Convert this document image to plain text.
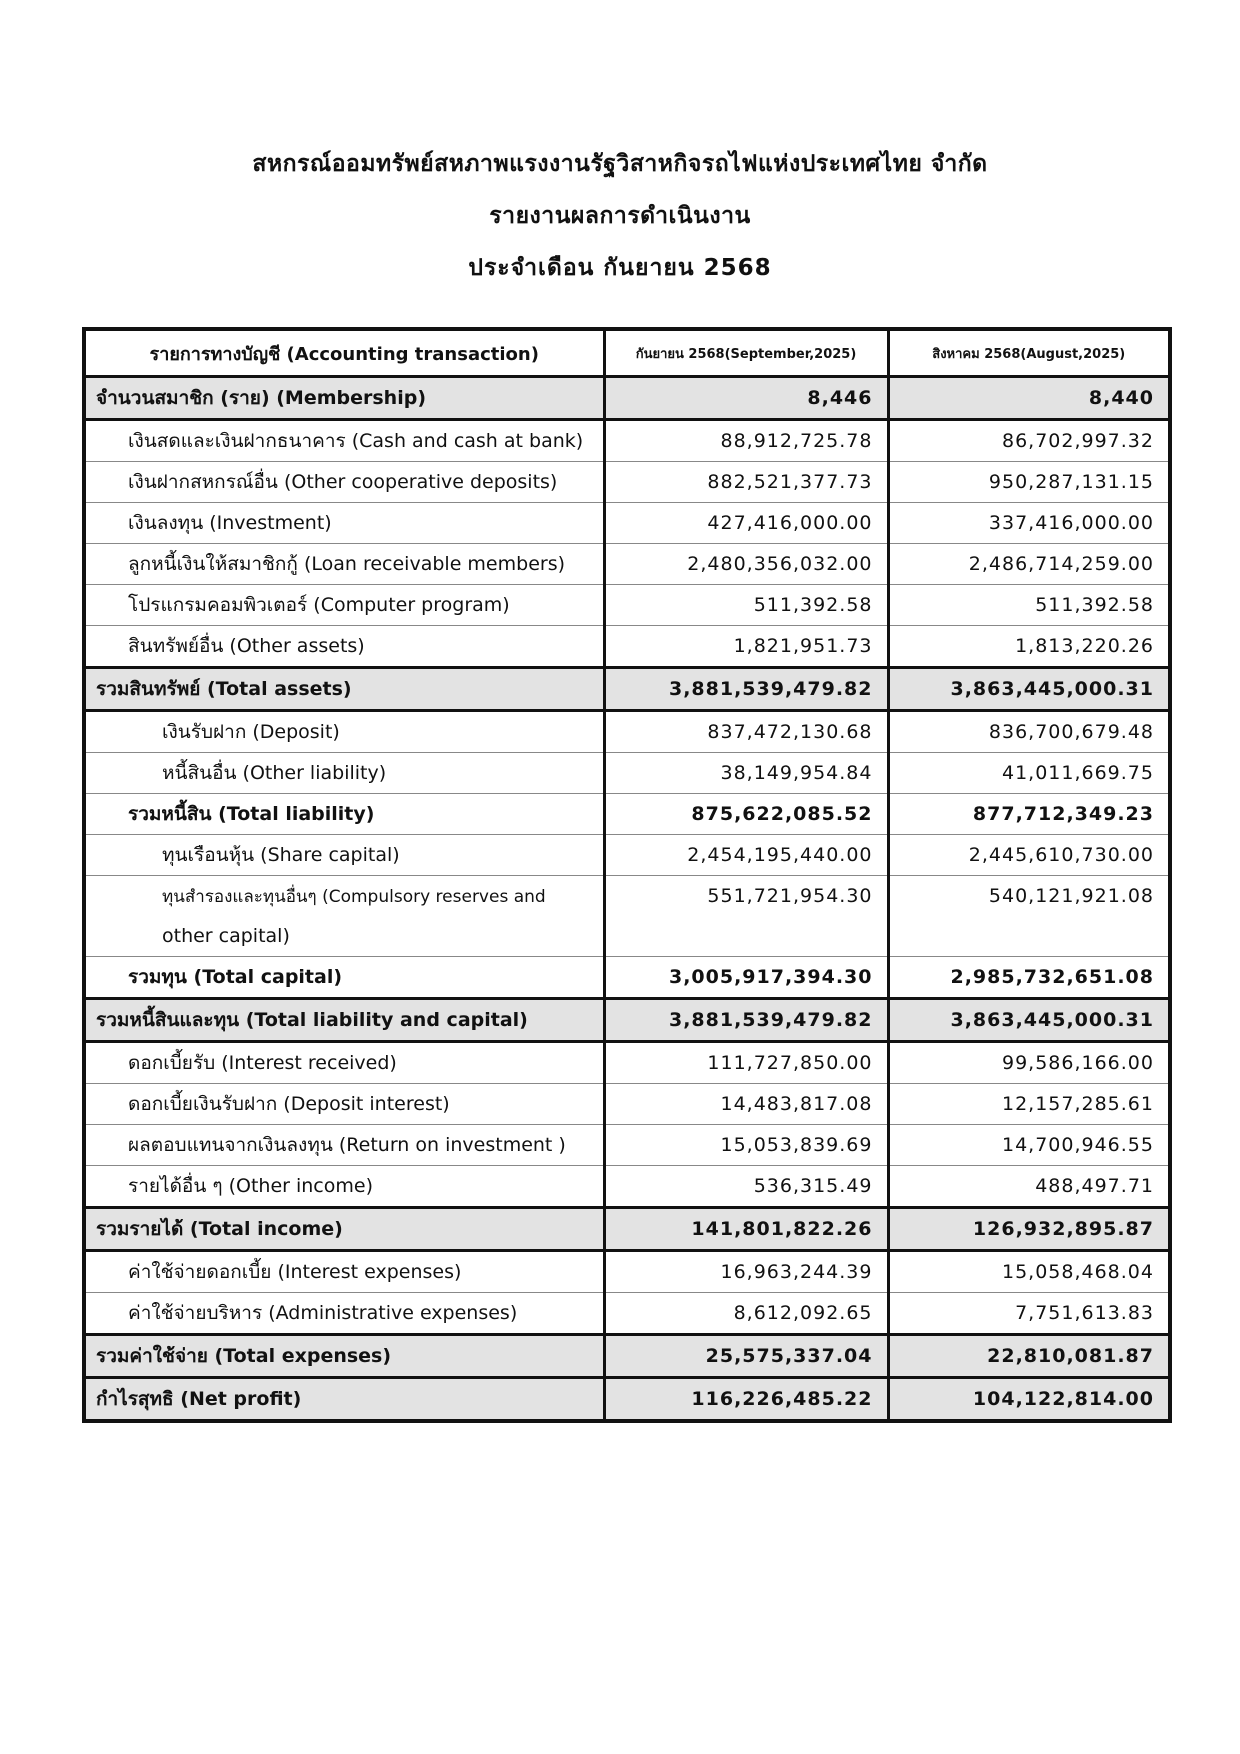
สหกรณ์ออมทรัพย์สหภาพแรงงานรัฐวิสาหกิจรถไฟแห่งประเทศไทย จำกัด
รายงานผลการดำเนินงาน
ประจำเดือน กันยายน 2568
รายการทางบัญชี (Accounting transaction)	กันยายน 2568(September,2025)	สิงหาคม 2568(August,2025)
จำนวนสมาชิก (ราย) (Membership)	8,446	8,440
เงินสดและเงินฝากธนาคาร (Cash and cash at bank)	88,912,725.78	86,702,997.32
เงินฝากสหกรณ์อื่น (Other cooperative deposits)	882,521,377.73	950,287,131.15
เงินลงทุน (Investment)	427,416,000.00	337,416,000.00
ลูกหนี้เงินให้สมาชิกกู้ (Loan receivable members)	2,480,356,032.00	2,486,714,259.00
โปรแกรมคอมพิวเตอร์ (Computer program)	511,392.58	511,392.58
สินทรัพย์อื่น (Other assets)	1,821,951.73	1,813,220.26
รวมสินทรัพย์ (Total assets)	3,881,539,479.82	3,863,445,000.31
เงินรับฝาก (Deposit)	837,472,130.68	836,700,679.48
หนี้สินอื่น (Other liability)	38,149,954.84	41,011,669.75
รวมหนี้สิน (Total liability)	875,622,085.52	877,712,349.23
ทุนเรือนหุ้น (Share capital)	2,454,195,440.00	2,445,610,730.00
ทุนสำรองและทุนอื่นๆ (Compulsory reserves and	551,721,954.30	540,121,921.08
other capital)		
รวมทุน (Total capital)	3,005,917,394.30	2,985,732,651.08
รวมหนี้สินและทุน (Total liability and capital)	3,881,539,479.82	3,863,445,000.31
ดอกเบี้ยรับ (Interest received)	111,727,850.00	99,586,166.00
ดอกเบี้ยเงินรับฝาก (Deposit interest)	14,483,817.08	12,157,285.61
ผลตอบแทนจากเงินลงทุน (Return on investment )	15,053,839.69	14,700,946.55
รายได้อื่น ๆ (Other income)	536,315.49	488,497.71
รวมรายได้ (Total income)	141,801,822.26	126,932,895.87
ค่าใช้จ่ายดอกเบี้ย (Interest expenses)	16,963,244.39	15,058,468.04
ค่าใช้จ่ายบริหาร (Administrative expenses)	8,612,092.65	7,751,613.83
รวมค่าใช้จ่าย (Total expenses)	25,575,337.04	22,810,081.87
กำไรสุทธิ (Net profit)	116,226,485.22	104,122,814.00
